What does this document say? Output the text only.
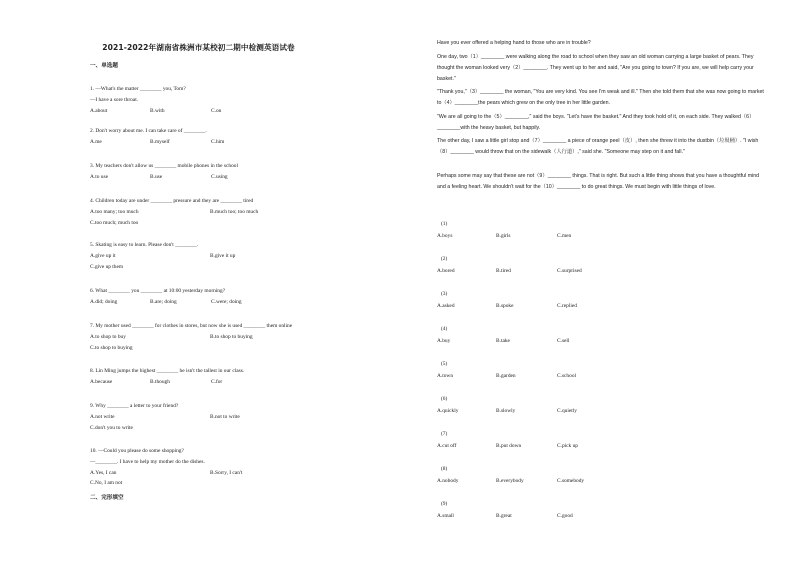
2021-2022年湖南省株洲市某校初二期中检测英语试卷
一、单选题
1. —What's the matter ________ you, Tom?
—I have a sore throat.
A.about	B.with	C.on
2. Don't worry about me. I can take care of ________.
A.me	B.myself	C.him
3. My teachers don't allow us ________ mobile phones in the school
A.to use	B.use	C.using
4. Children today are under ________ pressure and they are ________ tired
A.too many; too much	B.much too; too much
C.too much; much too
5. Skating is easy to learn. Please don't ________.
A.give up it	B.give it up
C.give up them
6. What ________ you ________ at 10:00 yesterday morning?
A.did; doing	B.are; doing	C.were; doing
7. My mother used ________ for clothes in stores, but now she is used ________ them online
A.to shop to buy	B.to shop to buying
C.to shop to buying
8. Lin Ming jumps the highest ________ he isn't the tallest in our class.
A.because	B.though	C.for
9. Why ________ a letter to your friend?
A.not write	B.not to write
C.don't you to write
10. —Could you please do some shopping?
—________. I have to help my mother do the dishes.
A.Yes, I can	B.Sorry, I can't
C.No, I am not
二、完形填空
Have you ever offered a helping hand to those who are in trouble?
One day, two（1）________ were walking along the road to school when they saw an old woman carrying a large basket of pears. They thought the woman looked very（2）________. They went up to her and said, "Are you going to town? If you are, we will help carry your basket."
"Thank you,"（3）________ the woman, "You are very kind. You see I'm weak and ill." Then she told them that she was now going to market to（4）________the pears which grew on the only tree in her little garden.
"We are all going to the（5）________," said the boys. "Let's have the basket." And they took hold of it, on each side. They walked（6）________with the heavy basket, but happily.
The other day, I saw a little girl stop and（7）________ a piece of orange peel（皮）, then she threw it into the dustbin（垃圾桶）. "I wish（8）________ would throw that on the sidewalk（人行道）," said she. "Someone may step on it and fall."
Perhaps some may say that these are not（9）________ things. That is right. But such a little thing shows that you have a thoughtful mind and a feeling heart. We shouldn't wait for the（10）________ to do great things. We must begin with little things of love.
(1)
A.boys	B.girls	C.men
(2)
A.bored	B.tired	C.surprised
(3)
A.asked	B.spoke	C.replied
(4)
A.buy	B.take	C.sell
(5)
A.town	B.garden	C.school
(6)
A.quickly	B.slowly	C.quietly
(7)
A.cut off	B.put down	C.pick up
(8)
A.nobody	B.everybody	C.somebody
(9)
A.small	B.great	C.good
